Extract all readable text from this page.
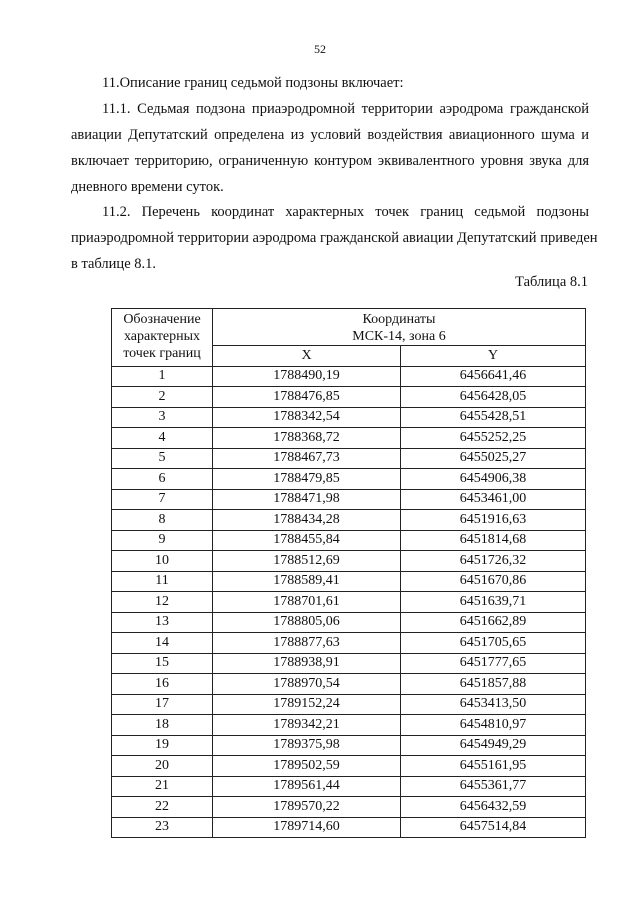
52
11.Описание границ седьмой подзоны включает:
11.1. Седьмая подзона приаэродромной территории аэродрома гражданской
авиации Депутатский определена из условий воздействия авиационного шума и
включает территорию, ограниченную контуром эквивалентного уровня звука для
дневного времени суток.
11.2. Перечень координат характерных точек границ седьмой подзоны
приаэродромной территории аэродрома гражданской авиации Депутатский приведен
в таблице 8.1.
Таблица 8.1
Обозначение
характерных
точек границ	Координаты
МСК-14, зона 6	
	X	Y
1	1788490,19	6456641,46
2	1788476,85	6456428,05
3	1788342,54	6455428,51
4	1788368,72	6455252,25
5	1788467,73	6455025,27
6	1788479,85	6454906,38
7	1788471,98	6453461,00
8	1788434,28	6451916,63
9	1788455,84	6451814,68
10	1788512,69	6451726,32
11	1788589,41	6451670,86
12	1788701,61	6451639,71
13	1788805,06	6451662,89
14	1788877,63	6451705,65
15	1788938,91	6451777,65
16	1788970,54	6451857,88
17	1789152,24	6453413,50
18	1789342,21	6454810,97
19	1789375,98	6454949,29
20	1789502,59	6455161,95
21	1789561,44	6455361,77
22	1789570,22	6456432,59
23	1789714,60	6457514,84
